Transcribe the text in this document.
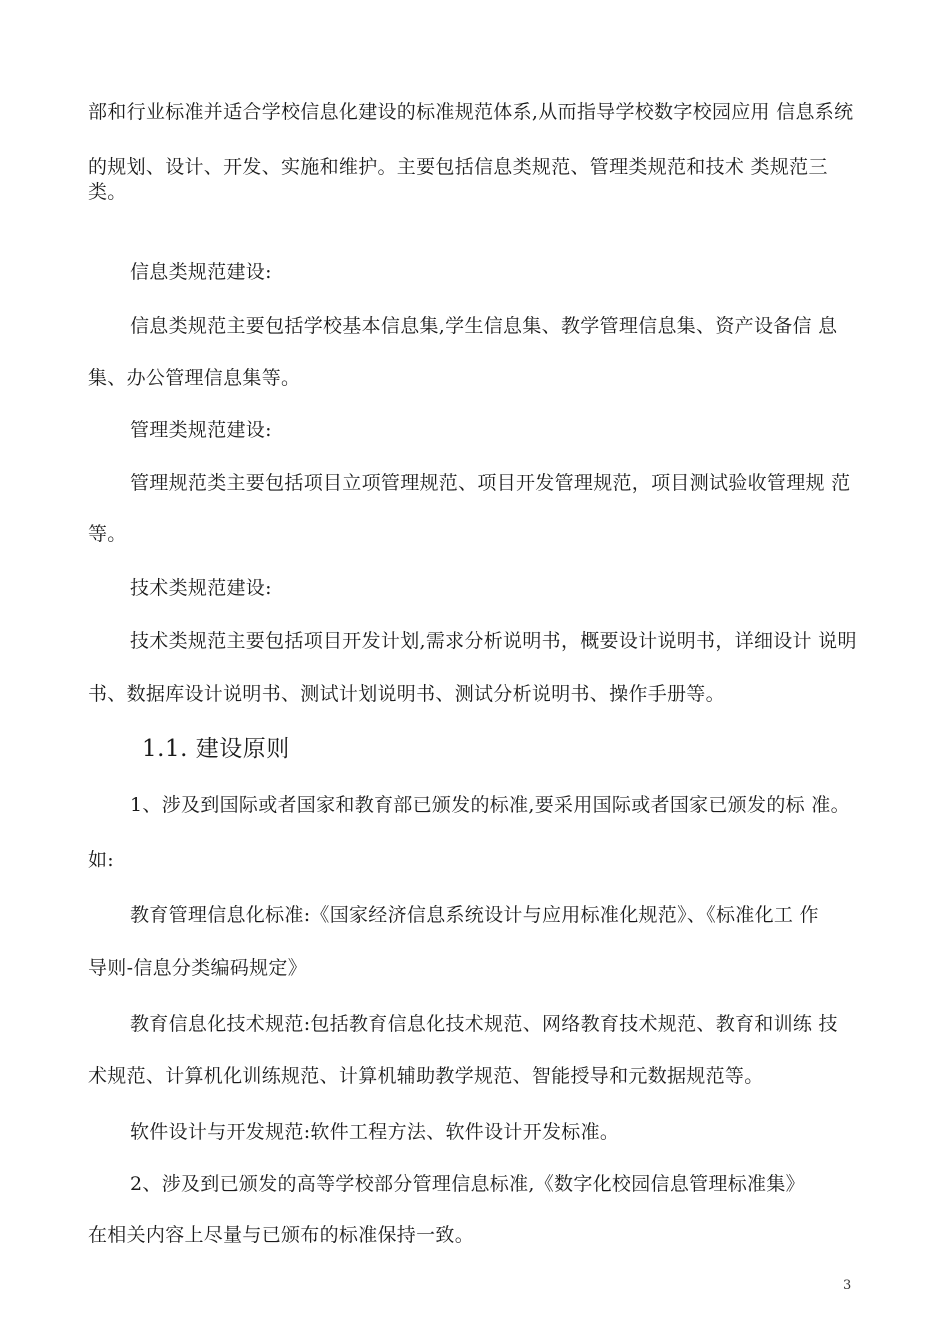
部和行业标准并适合学校信息化建设的标准规范体系,从而指导学校数字校园应用 信息系统
的规划、设计、开发、实施和维护。主要包括信息类规范、管理类规范和技术 类规范三
类。
信息类规范建设:
信息类规范主要包括学校基本信息集,学生信息集、教学管理信息集、资产设备信 息
集、办公管理信息集等。
管理类规范建设:
管理规范类主要包括项目立项管理规范、项目开发管理规范，项目测试验收管理规 范
等。
技术类规范建设:
技术类规范主要包括项目开发计划,需求分析说明书，概要设计说明书，详细设计 说明
书、数据库设计说明书、测试计划说明书、测试分析说明书、操作手册等。
1.1. 建设原则
1、涉及到国际或者国家和教育部已颁发的标准,要采用国际或者国家已颁发的标 准。
如:
教育管理信息化标准:《国家经济信息系统设计与应用标准化规范》、《标准化工 作
导则-信息分类编码规定》
教育信息化技术规范:包括教育信息化技术规范、网络教育技术规范、教育和训练 技
术规范、计算机化训练规范、计算机辅助教学规范、智能授导和元数据规范等。
软件设计与开发规范:软件工程方法、软件设计开发标准。
2、涉及到已颁发的高等学校部分管理信息标准,《数字化校园信息管理标准集》
在相关内容上尽量与已颁布的标准保持一致。
3
